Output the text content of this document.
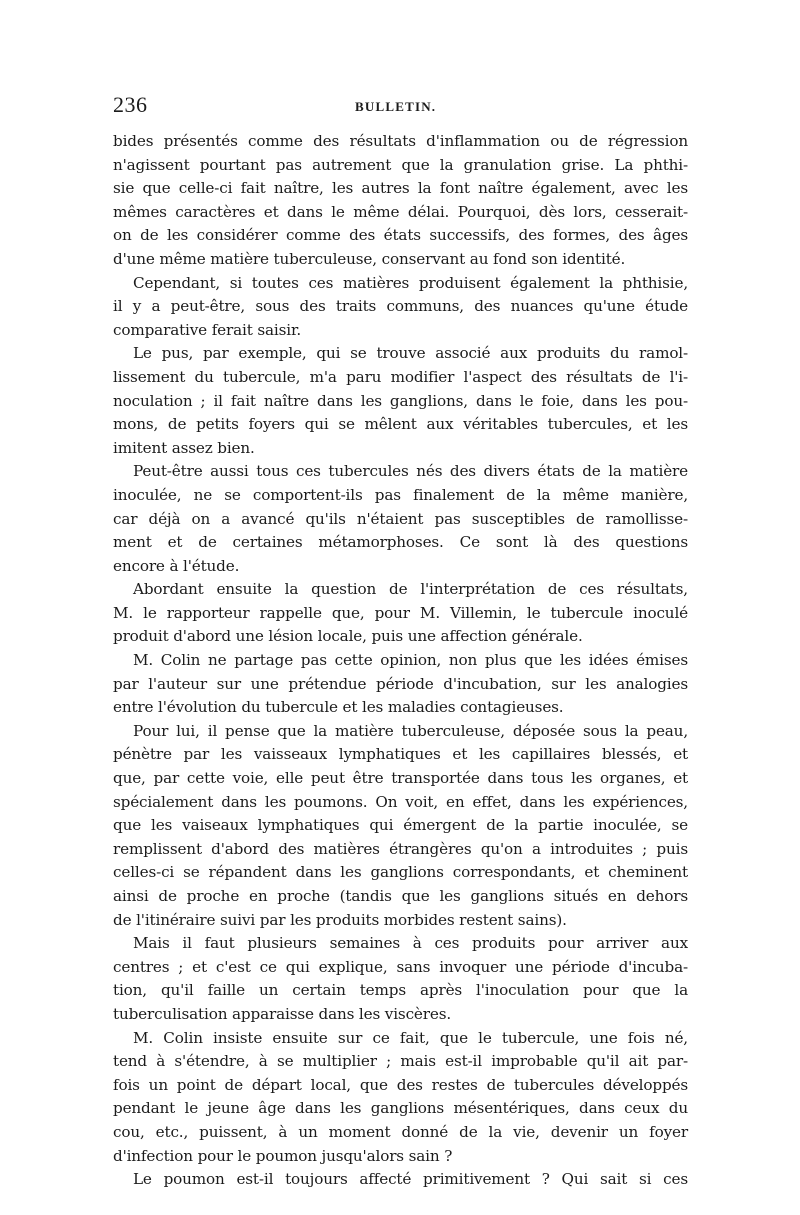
236	BULLETIN.

bides présentés comme des résultats d'inflammation ou de régression
n'agissent pourtant pas autrement que la granulation grise. La phthi-
sie que celle-ci fait naître, les autres la font naître également, avec les
mêmes caractères et dans le même délai. Pourquoi, dès lors, cesserait-
on de les considérer comme des états successifs, des formes, des âges
d'une même matière tuberculeuse, conservant au fond son identité.

Cependant, si toutes ces matières produisent également la phthisie,
il y a peut-être, sous des traits communs, des nuances qu'une étude
comparative ferait saisir.

Le pus, par exemple, qui se trouve associé aux produits du ramol-
lissement du tubercule, m'a paru modifier l'aspect des résultats de l'i-
noculation ; il fait naître dans les ganglions, dans le foie, dans les pou-
mons, de petits foyers qui se mêlent aux véritables tubercules, et les
imitent assez bien.

Peut-être aussi tous ces tubercules nés des divers états de la matière
inoculée, ne se comportent-ils pas finalement de la même manière,
car déjà on a avancé qu'ils n'étaient pas susceptibles de ramollisse-
ment et de certaines métamorphoses. Ce sont là des questions
encore à l'étude.

Abordant ensuite la question de l'interprétation de ces résultats,
M. le rapporteur rappelle que, pour M. Villemin, le tubercule inoculé
produit d'abord une lésion locale, puis une affection générale.

M. Colin ne partage pas cette opinion, non plus que les idées émises
par l'auteur sur une prétendue période d'incubation, sur les analogies
entre l'évolution du tubercule et les maladies contagieuses.

Pour lui, il pense que la matière tuberculeuse, déposée sous la peau,
pénètre par les vaisseaux lymphatiques et les capillaires blessés, et
que, par cette voie, elle peut être transportée dans tous les organes, et
spécialement dans les poumons. On voit, en effet, dans les expériences,
que les vaiseaux lymphatiques qui émergent de la partie inoculée, se
remplissent d'abord des matières étrangères qu'on a introduites ; puis
celles-ci se répandent dans les ganglions correspondants, et cheminent
ainsi de proche en proche (tandis que les ganglions situés en dehors
de l'itinéraire suivi par les produits morbides restent sains).

Mais il faut plusieurs semaines à ces produits pour arriver aux
centres ; et c'est ce qui explique, sans invoquer une période d'incuba-
tion, qu'il faille un certain temps après l'inoculation pour que la
tuberculisation apparaisse dans les viscères.

M. Colin insiste ensuite sur ce fait, que le tubercule, une fois né,
tend à s'étendre, à se multiplier ; mais est-il improbable qu'il ait par-
fois un point de départ local, que des restes de tubercules développés
pendant le jeune âge dans les ganglions mésentériques, dans ceux du
cou, etc., puissent, à un moment donné de la vie, devenir un foyer
d'infection pour le poumon jusqu'alors sain ?

Le poumon est-il toujours affecté primitivement ? Qui sait si ces
